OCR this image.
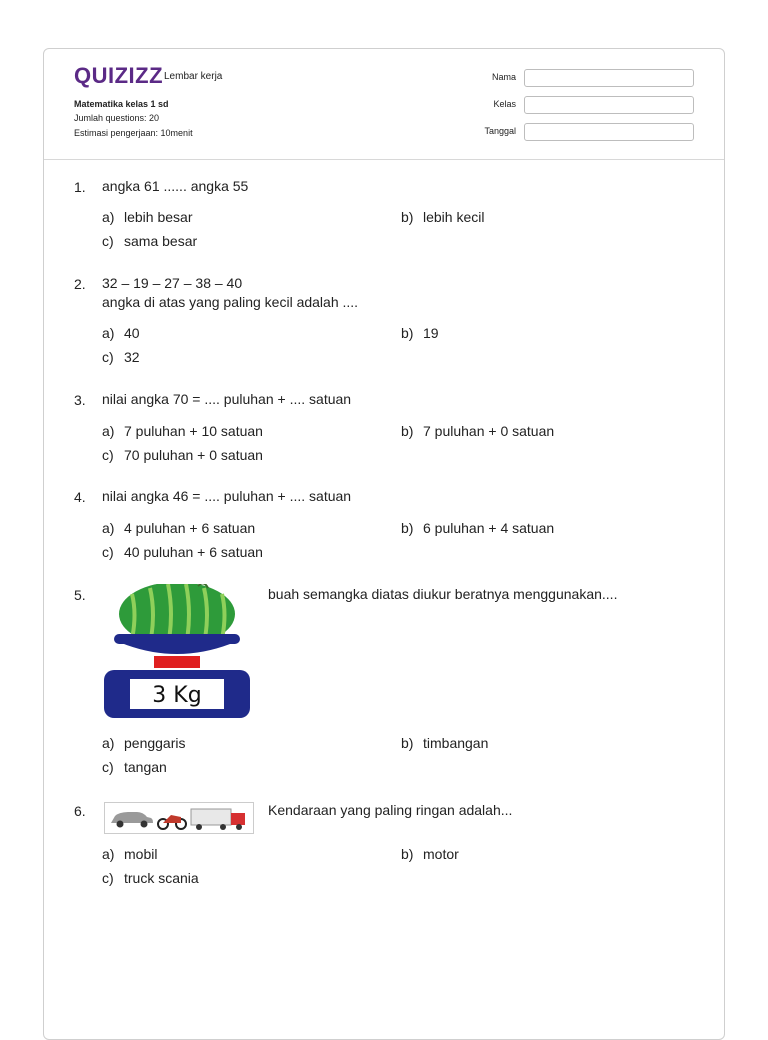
QUIZIZZ Lembar kerja
Matematika kelas 1 sd
Jumlah questions: 20
Estimasi pengerjaan: 10menit
Nama
Kelas
Tanggal
1. angka 61 ...... angka 55
a) lebih besar	b) lebih kecil
c) sama besar
2. 32 – 19 – 27 – 38 – 40
angka di atas yang paling kecil adalah ....
a) 40	b) 19
c) 32
3. nilai angka 70 = .... puluhan + .... satuan
a) 7 puluhan + 10 satuan	b) 7 puluhan + 0 satuan
c) 70 puluhan + 0 satuan
4. nilai angka 46 = .... puluhan + .... satuan
a) 4 puluhan + 6 satuan	b) 6 puluhan + 4 satuan
c) 40 puluhan + 6 satuan
5.
3 Kg
buah semangka diatas diukur beratnya menggunakan....
a) penggaris	b) timbangan
c) tangan
6.	Kendaraan yang paling ringan adalah...
a) mobil	b) motor
c) truck scania
